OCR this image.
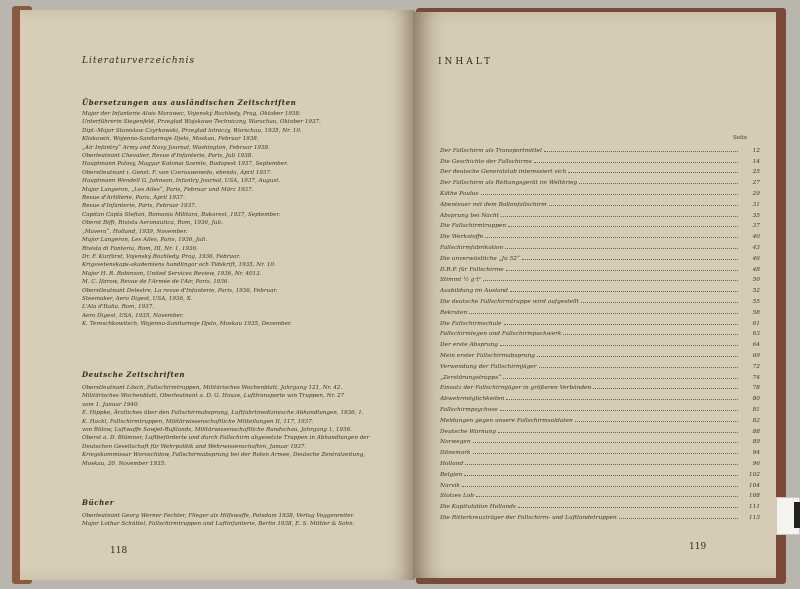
Literaturverzeichnis
Übersetzungen aus ausländischen Zeitschriften
Major der Infanterie Alois Morawec, Vojenský Rozhledy, Prag, Oktober 1938.
Unterführerin Siegenfeld, Przeglad Wojskowo Techniczny, Warschau, Oktober 1937.
Dipl.-Major Stanislaw Czyrkowski, Przeglad lotniczy, Warschau, 1935, Nr. 10.
Kliskowin, Wojenno-Sanitarnoje Djelo, Moskau, Februar 1938.
„Air Infantry“ Army and Navy Journal, Washington, Februar 1938.
Oberleutnant Chevalier, Revue d'Infanterie, Paris, Juli 1938.
Hauptmann Palosy, Magyar Katonai Szemle, Budapest 1937, September.
Oberstleutnant i. Genst. F. von Czeruswenedo, ebenda, April 1937.
Hauptmann Wendell G. Johnson, Infantry Journal, USA, 1937, August.
Major Langeron, „Les Ailes“, Paris, Februar und März 1937.
Revue d'Artillerie, Paris, April 1937.
Revue d'Infanterie, Paris, Februar 1937.
Capitan Capta Stefian, Romania Militara, Bukarest, 1937, September.
Oberst Biffi, Rivista Aeronautica, Rom, 1936, Juli.
„Mavera“, Holland, 1939, November.
Major Langeron, Les Ailes, Paris, 1936, Juli.
Rivista di Fanteria, Rom, III, Nr. 1, 1936.
Dr. F. Kurfürst, Vojenský Rozhledy, Prag, 1936, Februar.
Krigsvetenskaps-akademiens handlingar och Tidskrift, 1935, Nr. 10.
Major H. R. Robinson, United Services Review, 1936, Nr. 4013.
M. C. Ifarow, Revue de l'Armée de l'Air, Paris, 1936.
Oberstleutnant Delestre, La revue d'Infanterie, Paris, 1936, Februar.
Steemaker, Aero Digest, USA, 1936, X.
L'Ala d'Italia, Rom, 1937.
Aero Digest, USA, 1935, November.
K. Tereschkowitsch, Wojenno-Sanitarnoje Djelo, Moskau 1935, Dezember.
Deutsche Zeitschriften
Oberstleutnant Lösch, Fallschirmtruppen, Militärisches Wochenblatt, Jahrgang 121, Nr. 42.
Militärisches Wochenblatt, Oberleutnant a. D. G. Hauze, Lufttransporte von Truppen, Nr. 27
vom 1. Januar 1940.
E. Hippke, Ärztliches über den Fallschirmabsprung, Luftfahrtmedizinische Abhandlungen, 1936, 1.
K. Hackl, Fallschirmtruppen, Militärwissenschaftliche Mitteilungen II, 117, 1937.
von Bülow, Luftwaffe Sowjet-Rußlands, Militärwissenschaftliche Rundschau, Jahrgang 1, 1936.
Oberst a. D. Blümner, Luftbeförderte und durch Fallschirm abgesetzte Truppen in Abhandlungen der
Deutschen Gesellschaft für Wehrpolitik und Wehrwissenschaften, Januar 1937.
Kriegskommissar Woroschilow, Fallschirmabsprung bei der Roten Armee, Deutsche Zentralzeitung,
Moskau, 20. November 1935.
Bücher
Oberleutnant Georg Werner Fechter, Flieger als Hilfswaffe, Potsdam 1938, Verlag Voggenreiter.
Major Lothar Schüttel, Fallschirmtruppen und Luftinfanterie, Berlin 1938, E. S. Mittler & Sohn.
118
INHALT
Seite
Der Fallschirm als Transportmittel	12
Die Geschichte der Fallschirms	14
Der deutsche Generalstab interessiert sich	25
Der Fallschirm als Rettungsgerät im Weltkrieg	27
Käthe Paulus	29
Abenteuer mit dem Ballonfallschirm	31
Absprung bei Nacht	35
Die Fallschirmtruppen	37
Die Werkstoffe	40
Fallschirmfabrikation	43
Die unverwüstliche „Ju 52“	46
D.R.P. für Fallschirme	48
Stimmt ½ g·t²	50
Ausbildung im Ausland	52
Die deutsche Fallschirmtruppe wird aufgestellt	55
Rekruten	58
Die Fallschirmschule	61
Fallschirmlegen und Fallschirmpackwerk	63
Der erste Absprung	64
Mein erster Fallschirmabsprung	69
Verwendung der Fallschirmjäger	72
„Zerstörungstrupps“	74
Einsatz der Fallschirmjäger in größeren Verbänden	78
Abwehrmöglichkeiten	80
Fallschirmpsychose	81
Meldungen gegen unsere Fallschirmsoldaten	82
Deutsche Warnung	88
Norwegen	89
Dänemark	94
Holland	96
Belgien	102
Narvik	104
Stolzes Lob	108
Die Kapitulation Hollands	111
Die Ritterkreuzträger der Fallschirm- und Luftlandetruppen	113
119
